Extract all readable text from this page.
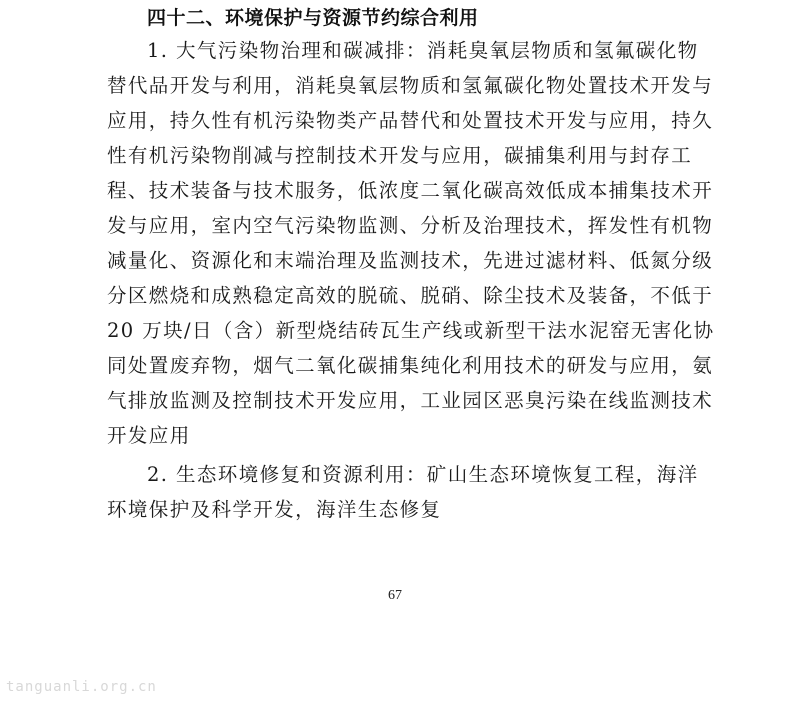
四十二、环境保护与资源节约综合利用
1. 大气污染物治理和碳减排：消耗臭氧层物质和氢氟碳化物
替代品开发与利用，消耗臭氧层物质和氢氟碳化物处置技术开发与
应用，持久性有机污染物类产品替代和处置技术开发与应用，持久
性有机污染物削减与控制技术开发与应用，碳捕集利用与封存工
程、技术装备与技术服务，低浓度二氧化碳高效低成本捕集技术开
发与应用，室内空气污染物监测、分析及治理技术，挥发性有机物
减量化、资源化和末端治理及监测技术，先进过滤材料、低氮分级
分区燃烧和成熟稳定高效的脱硫、脱硝、除尘技术及装备，不低于
20 万块/日（含）新型烧结砖瓦生产线或新型干法水泥窑无害化协
同处置废弃物，烟气二氧化碳捕集纯化利用技术的研发与应用，氨
气排放监测及控制技术开发应用，工业园区恶臭污染在线监测技术
开发应用
2. 生态环境修复和资源利用：矿山生态环境恢复工程，海洋
环境保护及科学开发，海洋生态修复
67
tanguanli.org.cn
